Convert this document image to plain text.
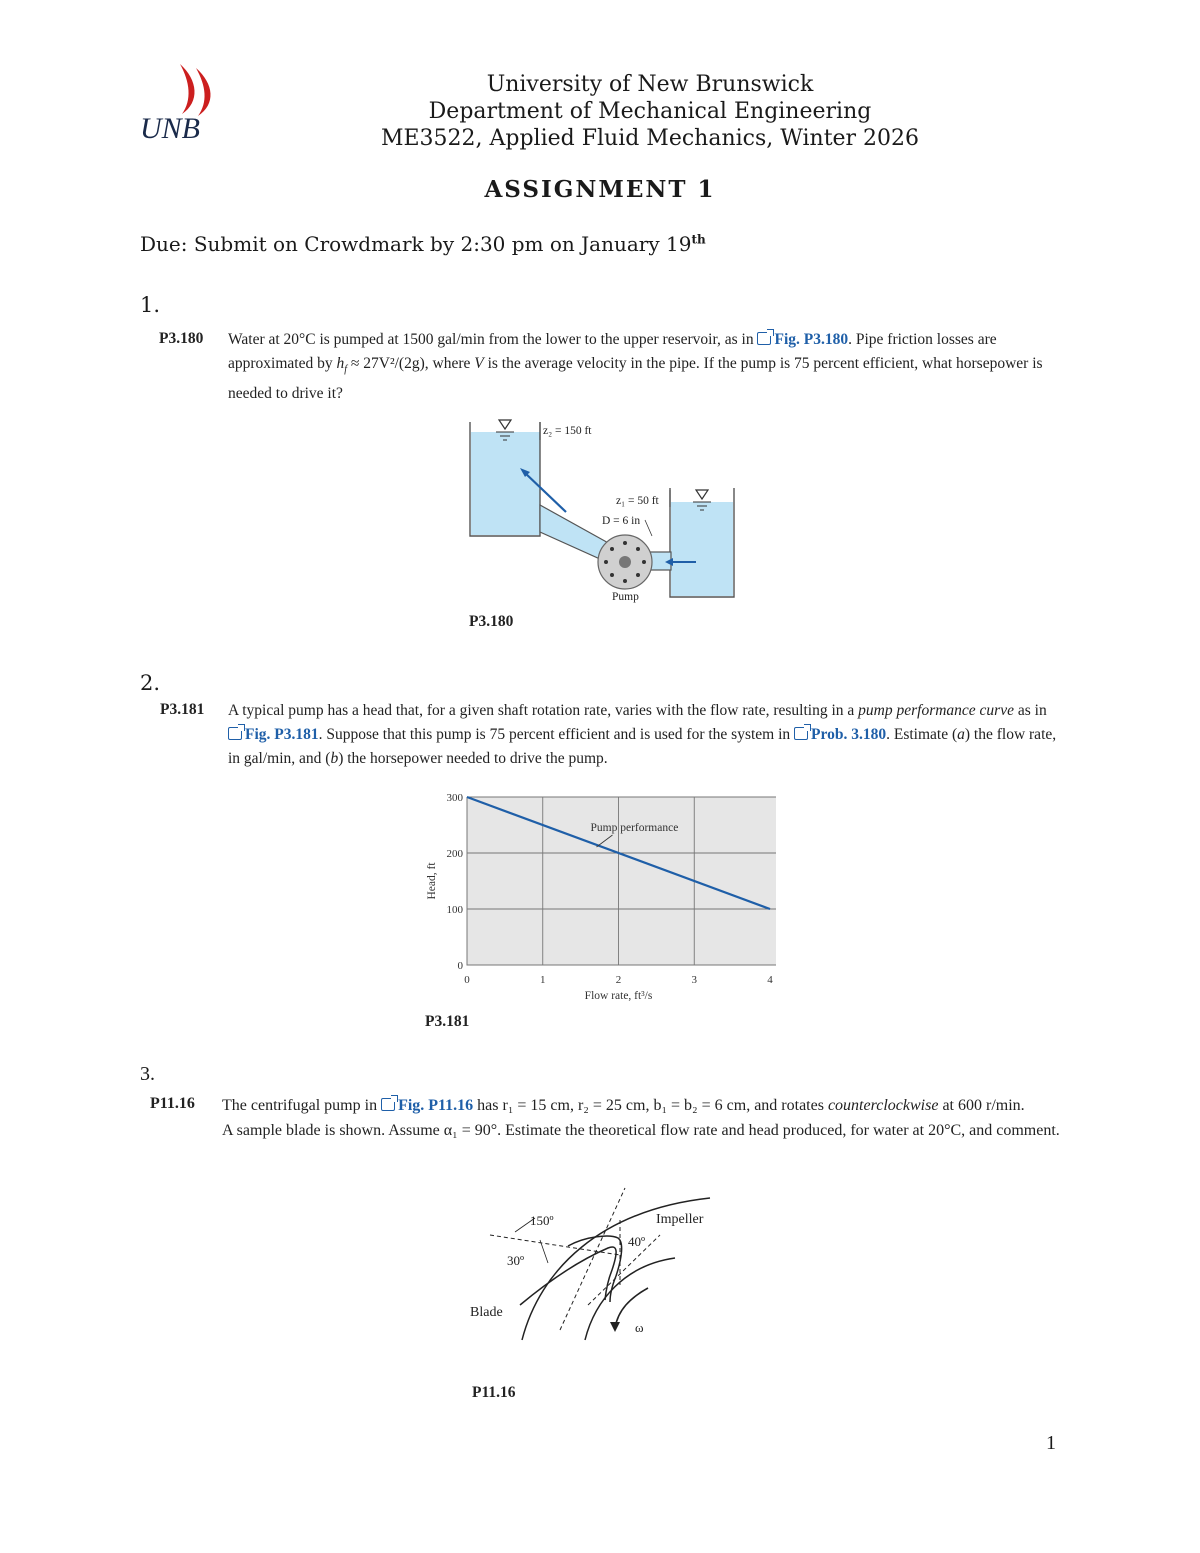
UNB
University of New Brunswick
Department of Mechanical Engineering
ME3522, Applied Fluid Mechanics, Winter 2026
ASSIGNMENT 1
Due: Submit on Crowdmark by 2:30 pm on January 19th
1.
P3.180 Water at 20°C is pumped at 1500 gal/min from the lower to the upper reservoir, as in Fig. P3.180. Pipe friction losses are approximated by $h_f \approx 27V^2/(2g)$, where V is the average velocity in the pipe. If the pump is 75 percent efficient, what horsepower is needed to drive it?
z₂ = 150 ft
z₁ = 50 ft
D = 6 in
Pump
P3.180
2.
P3.181 A typical pump has a head that, for a given shaft rotation rate, varies with the flow rate, resulting in a pump performance curve as in Fig. P3.181. Suppose that this pump is 75 percent efficient and is used for the system in Prob. 3.180. Estimate (a) the flow rate, in gal/min, and (b) the horsepower needed to drive the pump.
0
100
200
300
0	1	2	3	4
Pump performance
Flow rate, ft³/s
Head, ft
P3.181
3.
P11.16 The centrifugal pump in Fig. P11.16 has r₁ = 15 cm, r₂ = 25 cm, b₁ = b₂ = 6 cm, and rotates counterclockwise at 600 r/min.
A sample blade is shown. Assume α₁ = 90°. Estimate the theoretical flow rate and head produced, for water at 20°C, and comment.
150º
30º
40º
Impeller
Blade
ω
P11.16
1
